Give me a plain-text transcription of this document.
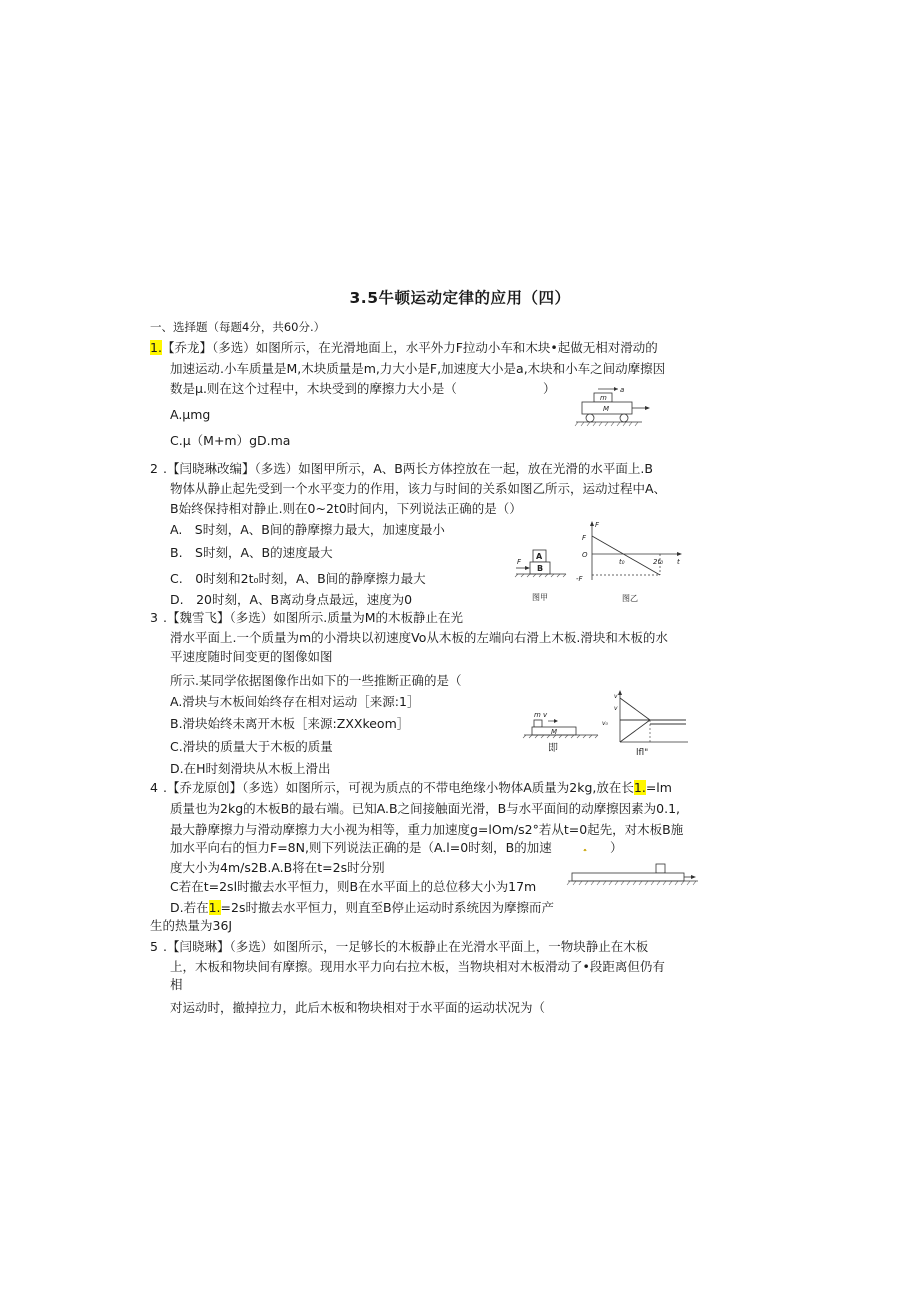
3.5牛顿运动定律的应用（四）
一、选择题（每题4分，共60分.）
1.【乔龙】（多选）如图所示，在光滑地面上，水平外力F拉动小车和木块•起做无相对滑动的
加速运动.小车质量是M,木块质量是m,力大小是F,加速度大小是a,木块和小车之间动摩擦因
数是μ.则在这个过程中，木块受到的摩擦力大小是（	）
A.μmg
C.μ（M+m）gD.ma
a
m
M
2 .【闫晓琳改编】（多选）如图甲所示，A、B两长方体控放在一起，放在光滑的水平面上.B
物体从静止起先受到一个水平变力的作用，该力与时间的关系如图乙所示，运动过程中A、
B始终保持相对静止.则在0~2t0时间内，下列说法正确的是（）
A.　S时刻，A、B间的静摩擦力最大，加速度最小
B.　S时刻，A、B的速度最大
C.　0时刻和2t₀时刻，A、B间的静摩擦力最大
D.　20时刻，A、B离动身点最远，速度为0
A
B
F
图甲
F
t
F
O
-F
t₀	2t₀
图乙
3 .【魏雪飞】（多选）如图所示.质量为M的木板静止在光
滑水平面上.一个质量为m的小滑块以初速度Vo从木板的左端向右滑上木板.滑块和木板的水
平速度随时间变更的图像如图
所示.某同学依据图像作出如下的一些推断正确的是（
A.滑块与木板间始终存在相对运动［来源:1］
B.滑块始终未离开木板［来源:ZXXkeom］
C.滑块的质量大于木板的质量
D.在H时刻滑块从木板上滑出
m v
M
即
v
v
v₀
lfl"
4 .【乔龙原创】（多选）如图所示，可视为质点的不带电绝缘小物体A质量为2kg,放在长1.=lm
质量也为2kg的木板B的最右端。已知A.B之间接触面光滑，B与水平面间的动摩擦因素为0.1,
最大静摩擦力与滑动摩擦力大小视为相等，重力加速度g=lOm∕s2°若从t=0起先，对木板B施
加水平向右的恒力F=8N,则下列说法正确的是（A.l=0时刻，B的加速	）
度大小为4m∕s2B.A.B将在t=2s时分别
C若在t=2sl时撤去水平恒力，则B在水平面上的总位移大小为17m
D.若在1.=2s时撤去水平恒力，则直至B停止运动时系统因为摩擦而产
生的热量为36J
5 .【闫晓琳】（多选）如图所示，一足够长的木板静止在光滑水平面上，一物块静止在木板
上，木板和物块间有摩擦。现用水平力向右拉木板，当物块相对木板滑动了•段距离但仍有
相
对运动时，撤掉拉力，此后木板和物块相对于水平面的运动状况为（
